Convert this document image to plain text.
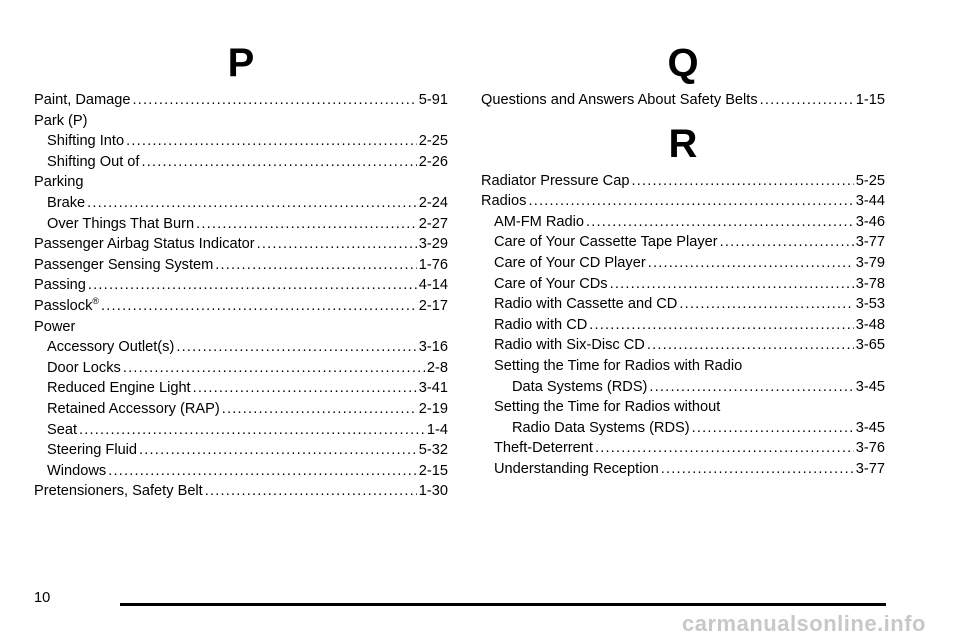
P
Paint, Damage .....	5-91
Park (P)
Shifting Into .....	2-25
Shifting Out of .....	2-26
Parking
Brake .....	2-24
Over Things That Burn .....	2-27
Passenger Airbag Status Indicator .....	3-29
Passenger Sensing System .....	1-76
Passing .....	4-14
Passlock® .....	2-17
Power
Accessory Outlet(s) .....	3-16
Door Locks .....	2-8
Reduced Engine Light .....	3-41
Retained Accessory (RAP) .....	2-19
Seat .....	1-4
Steering Fluid .....	5-32
Windows .....	2-15
Pretensioners, Safety Belt .....	1-30
Q
Questions and Answers About Safety Belts .....	1-15
R
Radiator Pressure Cap .....	5-25
Radios .....	3-44
AM-FM Radio .....	3-46
Care of Your Cassette Tape Player .....	3-77
Care of Your CD Player .....	3-79
Care of Your CDs .....	3-78
Radio with Cassette and CD .....	3-53
Radio with CD .....	3-48
Radio with Six-Disc CD .....	3-65
Setting the Time for Radios with Radio
Data Systems (RDS) .....	3-45
Setting the Time for Radios without
Radio Data Systems (RDS) .....	3-45
Theft-Deterrent .....	3-76
Understanding Reception .....	3-77
10
carmanualsonline.info
